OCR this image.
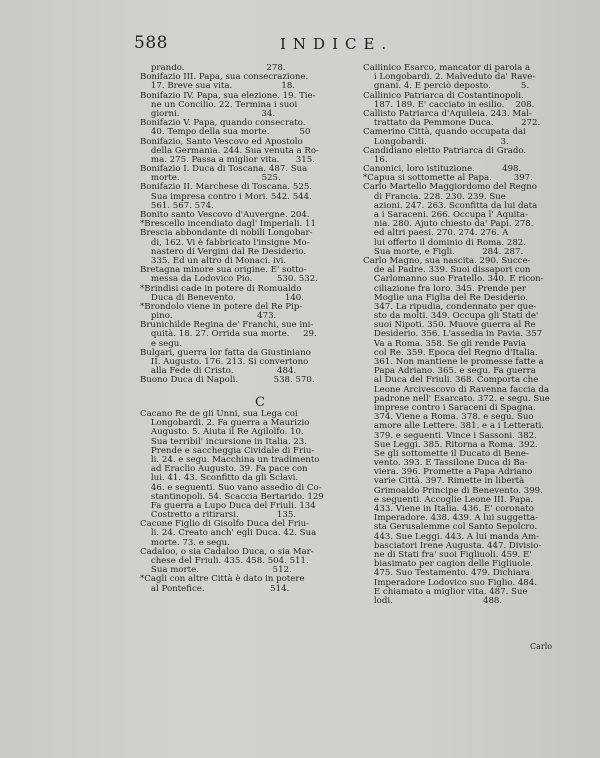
588	INDICE.
prando.                              278.
Bonifazio III. Papa, sua consecrazione.
17. Breve sua vita.                  18.
Bonifazio IV. Papa, sua elezione. 19. Tie-
ne un Concilio. 22. Termina i suoi
giorni.                              34.
Bonifazio V. Papa, quando consecrato.
40. Tempo della sua morte.           50
Bonifazio, Santo Vescovo ed Apostolo
della Germania. 244. Sua venuta a Ro-
ma. 275. Passa a miglior vita.      315.
Bonifazio I. Duca di Toscana. 487. Sua
morte.                              525.
Bonifazio II. Marchese di Toscana. 525.
Sua impresa contro i Mori. 542. 544.
561. 567. 574.
Bonito santo Vescovo d'Auvergne. 204.
*Brescello incendiato dagl' Imperiali. 11
Brescia abbondante di nobili Longobar-
di, 162. Vi è fabbricato l'insigne Mo-
nastero di Vergini dal Re Desiderio.
335. Ed un altro di Monaci. ivi.
Bretagna minore sua origine. E' sotto-
messa da Lodovico Pio.         530. 532.
*Brindisi cade in potere di Romualdo
Duca di Benevento.                  140.
*Brondolo viene in potere del Re Pip-
pino.                               473.
Brunichilde Regina de' Franchi, sue ini-
quità. 18. 27. Orrida sua morte.     29.
e segu.
Bulgari, guerra lor fatta da Giustiniano
II. Augusto. 176. 213. Si convertono
alla Fede di Cristo.                484.
Buono Duca di Napoli.             538. 570.
C
Cacano Re de gli Unni, sua Lega coi
Longobardi. 2. Fa guerra a Maurizio
Augusto. 5. Aiuta il Re Agilolfo. 10.
Sua terribil' incursione in Italia. 23.
Prende e saccheggia Cividale di Friu-
li. 24. e segu. Macchina un tradimento
ad Eraclio Augusto. 39. Fa pace con
lui. 41. 43. Sconfitto da gli Sclavi.
46. e seguenti. Suo vano assedio di Co-
stantinopoli. 54. Scaccia Bertarido. 129
Fa guerra a Lupo Duca del Friuli. 134
Costretto a ritirarsi.              135.
Cacone Figlio di Gisolfo Duca del Friu-
li. 24. Creato anch' egli Duca. 42. Sua
morte. 73. e segu.
Cadaloo, o sia Cadaloo Duca, o sia Mar-
chese del Friuli. 435. 458. 504. 511.
Sua morte.                           512.
*Cagli con altre Città è dato in potere
al Pontefice.                        514.
Callinico Esarco, mancator di parola a
i Longobardi. 2. Malveduto da' Rave-
gnani. 4. E perciò deposto.           5.
Callinico Patriarca di Costantinopoli.
187. 189. E' cacciato in esilio.    208.
Callisto Patriarca d'Aquileia. 243. Mal-
trattato da Pemmone Duca.          272.
Camerino Città, quando occupata dai
Longobardi.                           3.
Candidiano eletto Patriarca di Grado.
16.
Canonici, loro istituzione.          498.
*Capua si sottomette al Papa.        397.
Carlo Martello Maggiordomo del Regno
di Francia. 228. 230. 239. Sue
azioni. 247. 263. Sconfitta da lui data
a i Saraceni. 266. Occupa l' Aquita-
nia. 280. Ajuto chiesto da' Papi. 278.
ed altri paesi. 270. 274. 276. A
lui offerto il dominio di Roma. 282.
Sua morte, e Figli.          284. 287.
Carlo Magno, sua nascita. 290. Succe-
de al Padre. 339. Suoi dissapori con
Carlomanno suo Fratello. 340. E ricon-
ciliazione fra loro. 345. Prende per
Moglie una Figlia del Re Desiderio.
347. La ripudia, condennato per que-
sto da molti. 349. Occupa gli Stati de'
suoi Nipoti. 350. Muove guerra al Re
Desiderio. 356. L'assedia in Pavia. 357
Va a Roma. 358. Se gli rende Pavia
col Re. 359. Epoca del Regno d'Italia.
361. Non mantiene le promesse fatte a
Papa Adriano. 365. e segu. Fa guerra
al Duca del Friuli. 368. Comporta che
Leone Arcivescovo di Ravenna faccia da
padrone nell' Esarcato. 372. e segu. Sue
imprese contro i Saraceni di Spagna.
374. Viene a Roma. 378. e segu. Suo
amore alle Lettere. 381. e a i Letterati.
379. e seguenti. Vince i Sassoni. 382.
Sue Leggi. 385. Ritorna a Roma. 392.
Se gli sottomette il Ducato di Bene-
vento. 393. E Tassilone Duca di Ba-
viera. 396. Promette a Papa Adriano
varie Città. 397. Rimette in libertà
Grimoaldo Principe di Benevento. 399.
e seguenti. Accoglie Leone III. Papa.
433. Viene in Italia. 436. E' coronato
Imperadore. 438. 439. A lui suggetta-
sta Gerusalemme col Santo Sepolcro.
443. Sue Leggi. 443. A lui manda Am-
basciatori Irene Augusta. 447. Divisio-
ne di Stati fra' suoi Figliuoli. 459. E'
biasimato per cagion delle Figliuole.
475. Suo Testamento. 479. Dichiara
Imperadore Lodovico suo Figlio. 484.
E chiamato a miglior vita. 487. Sue
lodi.                                 488.
Carlo
